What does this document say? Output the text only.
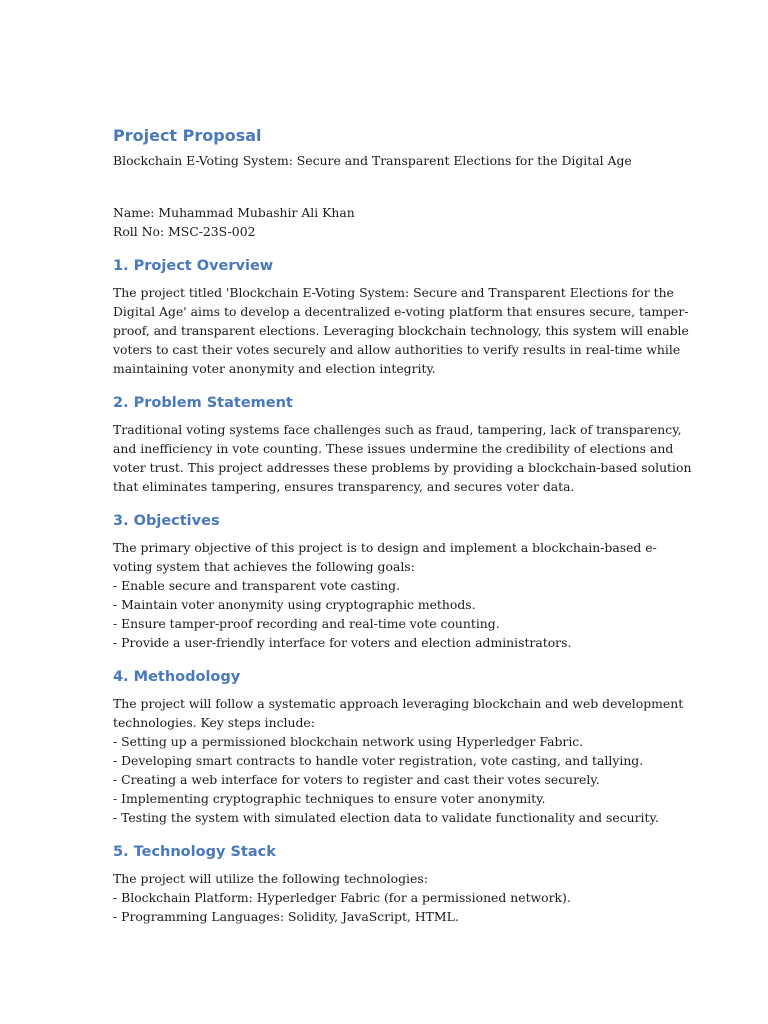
Project Proposal
Blockchain E-Voting System: Secure and Transparent Elections for the Digital Age
Name: Muhammad Mubashir Ali Khan
Roll No: MSC-23S-002
1. Project Overview
The project titled 'Blockchain E-Voting System: Secure and Transparent Elections for the
Digital Age' aims to develop a decentralized e-voting platform that ensures secure, tamper-
proof, and transparent elections. Leveraging blockchain technology, this system will enable
voters to cast their votes securely and allow authorities to verify results in real-time while
maintaining voter anonymity and election integrity.
2. Problem Statement
Traditional voting systems face challenges such as fraud, tampering, lack of transparency,
and inefficiency in vote counting. These issues undermine the credibility of elections and
voter trust. This project addresses these problems by providing a blockchain-based solution
that eliminates tampering, ensures transparency, and secures voter data.
3. Objectives
The primary objective of this project is to design and implement a blockchain-based e-
voting system that achieves the following goals:
- Enable secure and transparent vote casting.
- Maintain voter anonymity using cryptographic methods.
- Ensure tamper-proof recording and real-time vote counting.
- Provide a user-friendly interface for voters and election administrators.
4. Methodology
The project will follow a systematic approach leveraging blockchain and web development
technologies. Key steps include:
- Setting up a permissioned blockchain network using Hyperledger Fabric.
- Developing smart contracts to handle voter registration, vote casting, and tallying.
- Creating a web interface for voters to register and cast their votes securely.
- Implementing cryptographic techniques to ensure voter anonymity.
- Testing the system with simulated election data to validate functionality and security.
5. Technology Stack
The project will utilize the following technologies:
- Blockchain Platform: Hyperledger Fabric (for a permissioned network).
- Programming Languages: Solidity, JavaScript, HTML.
